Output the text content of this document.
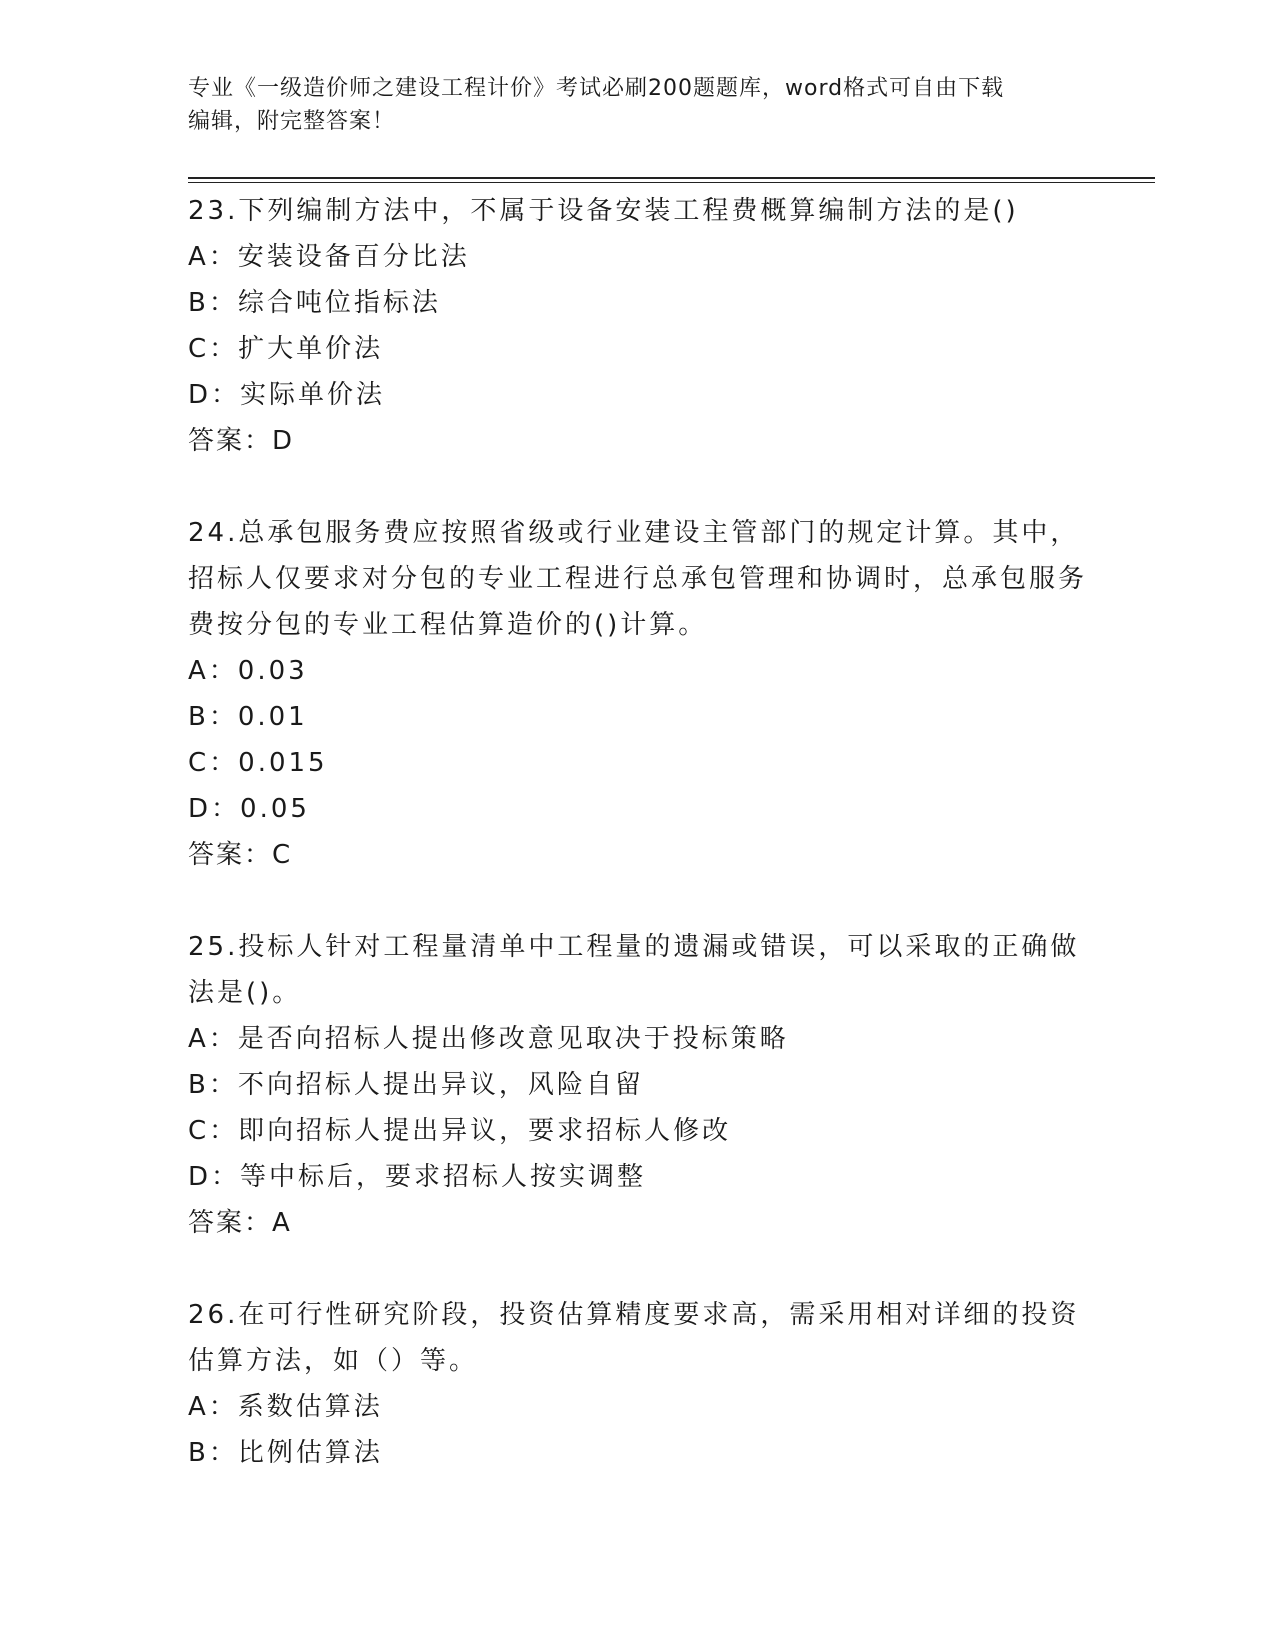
专业《一级造价师之建设工程计价》考试必刷200题题库，word格式可自由下载
编辑，附完整答案！
23.下列编制方法中，不属于设备安装工程费概算编制方法的是()
A：安装设备百分比法
B：综合吨位指标法
C：扩大单价法
D：实际单价法
答案：D
24.总承包服务费应按照省级或行业建设主管部门的规定计算。其中，招标人仅要求对分包的专业工程进行总承包管理和协调时，总承包服务费按分包的专业工程估算造价的()计算。
A：0.03
B：0.01
C：0.015
D：0.05
答案：C
25.投标人针对工程量清单中工程量的遗漏或错误，可以采取的正确做法是()。
A：是否向招标人提出修改意见取决于投标策略
B：不向招标人提出异议，风险自留
C：即向招标人提出异议，要求招标人修改
D：等中标后，要求招标人按实调整
答案：A
26.在可行性研究阶段，投资估算精度要求高，需采用相对详细的投资估算方法，如（）等。
A：系数估算法
B：比例估算法
